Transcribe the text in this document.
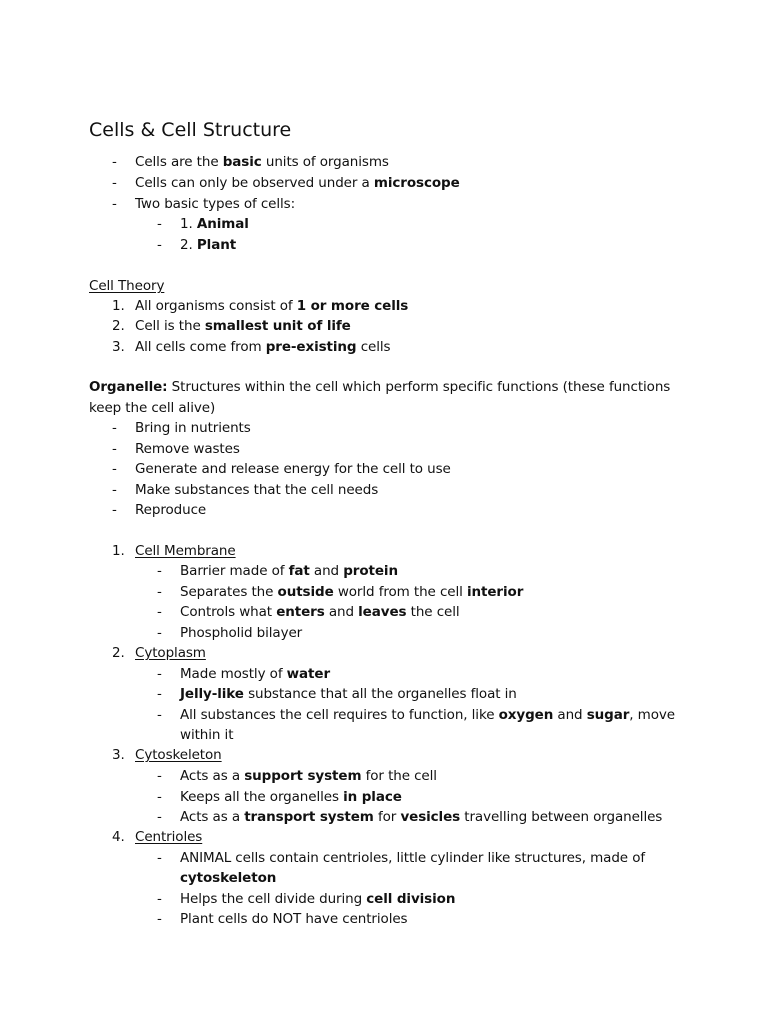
Cells & Cell Structure
- Cells are the basic units of organisms
- Cells can only be observed under a microscope
- Two basic types of cells:
- 1. Animal
- 2. Plant
Cell Theory
1. All organisms consist of 1 or more cells
2. Cell is the smallest unit of life
3. All cells come from pre-existing cells
Organelle: Structures within the cell which perform specific functions (these functions
keep the cell alive)
- Bring in nutrients
- Remove wastes
- Generate and release energy for the cell to use
- Make substances that the cell needs
- Reproduce
1. Cell Membrane
- Barrier made of fat and protein
- Separates the outside world from the cell interior
- Controls what enters and leaves the cell
- Phospholid bilayer
2. Cytoplasm
- Made mostly of water
- Jelly-like substance that all the organelles float in
- All substances the cell requires to function, like oxygen and sugar, move
within it
3. Cytoskeleton
- Acts as a support system for the cell
- Keeps all the organelles in place
- Acts as a transport system for vesicles travelling between organelles
4. Centrioles
- ANIMAL cells contain centrioles, little cylinder like structures, made of
cytoskeleton
- Helps the cell divide during cell division
- Plant cells do NOT have centrioles
